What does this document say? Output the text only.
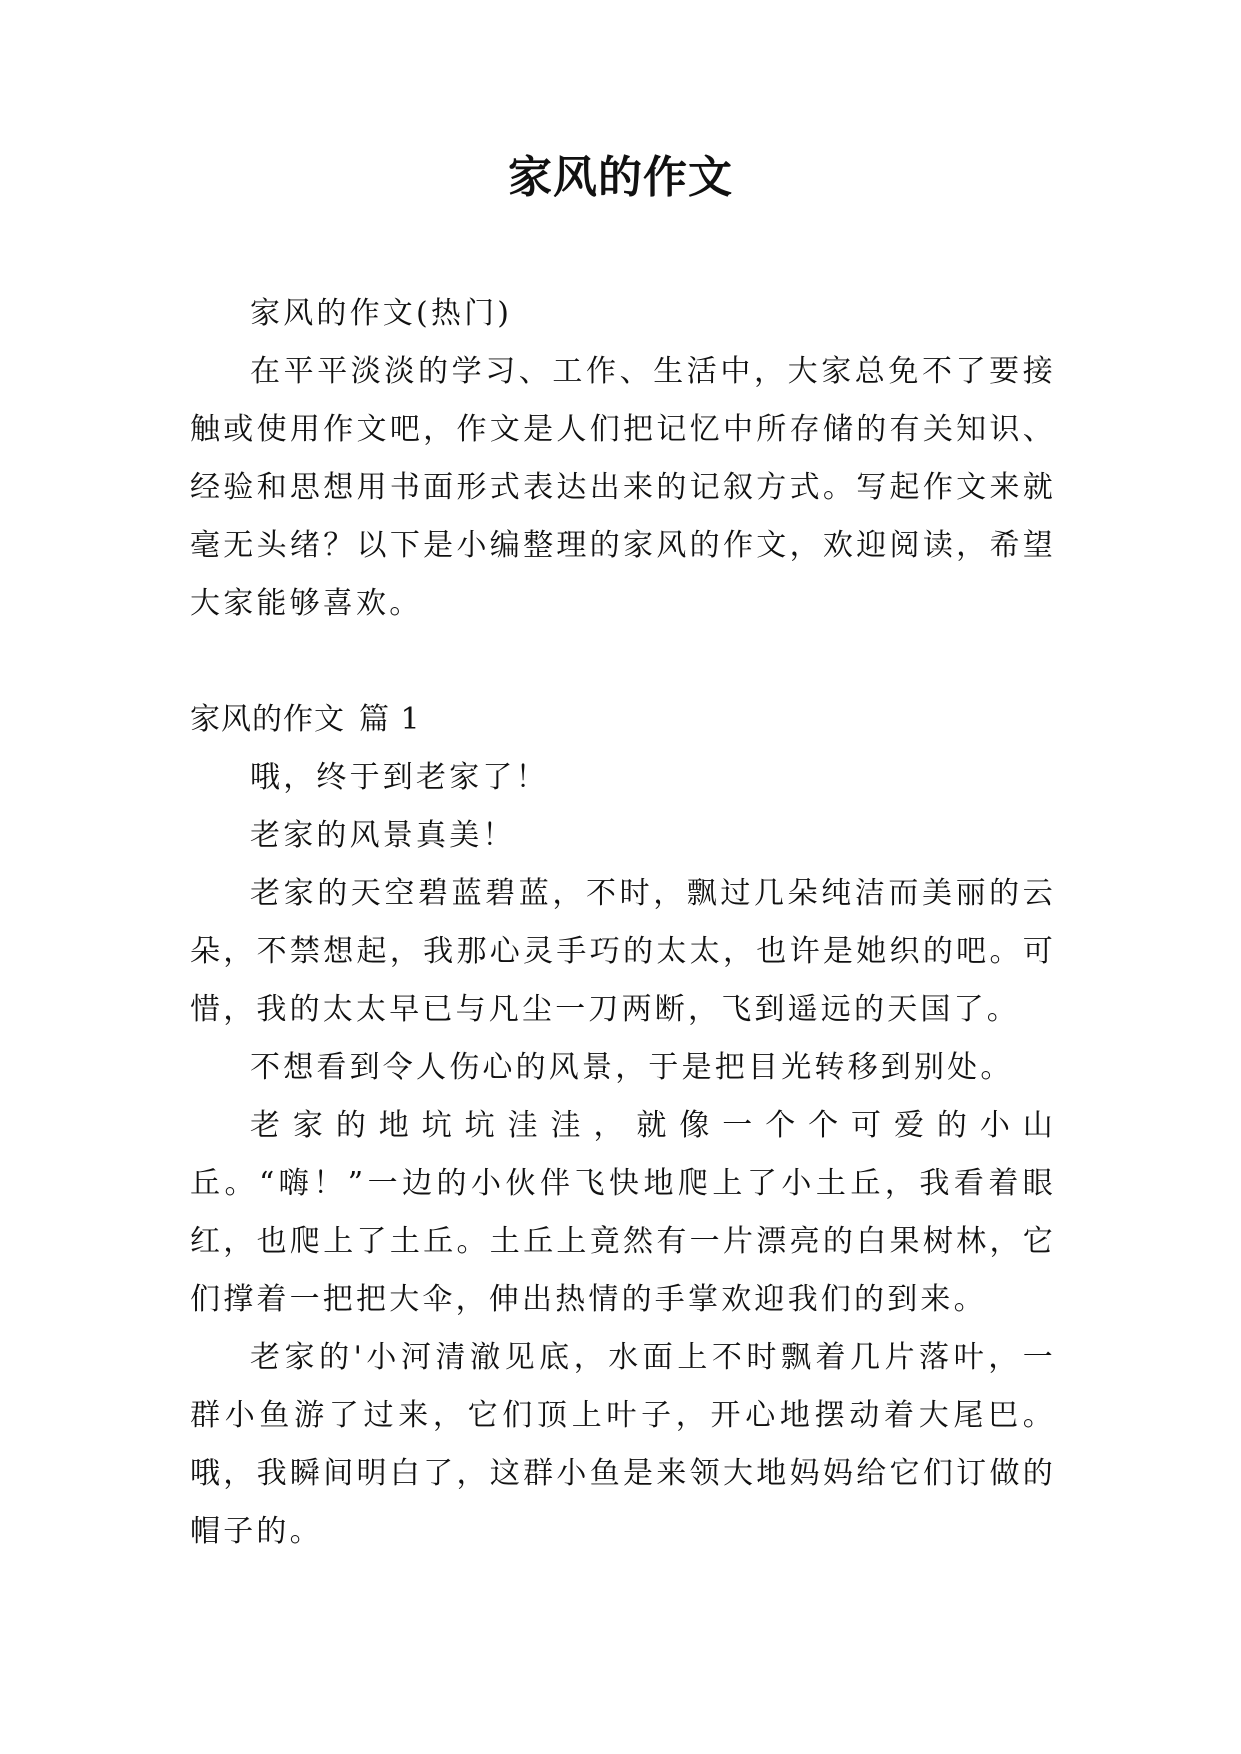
家风的作文

家风的作文(热门)

在平平淡淡的学习、工作、生活中，大家总免不了要接触或使用作文吧，作文是人们把记忆中所存储的有关知识、经验和思想用书面形式表达出来的记叙方式。写起作文来就毫无头绪？以下是小编整理的家风的作文，欢迎阅读，希望大家能够喜欢。

家风的作文 篇 1

哦，终于到老家了！

老家的风景真美！

老家的天空碧蓝碧蓝，不时，飘过几朵纯洁而美丽的云朵，不禁想起，我那心灵手巧的太太，也许是她织的吧。可惜，我的太太早已与凡尘一刀两断，飞到遥远的天国了。

不想看到令人伤心的风景，于是把目光转移到别处。

老家的地坑坑洼洼，就像一个个可爱的小山丘。“嗨！”一边的小伙伴飞快地爬上了小土丘，我看着眼红，也爬上了土丘。土丘上竟然有一片漂亮的白果树林，它们撑着一把把大伞，伸出热情的手掌欢迎我们的到来。

老家的'小河清澈见底，水面上不时飘着几片落叶，一群小鱼游了过来，它们顶上叶子，开心地摆动着大尾巴。哦，我瞬间明白了，这群小鱼是来领大地妈妈给它们订做的帽子的。
